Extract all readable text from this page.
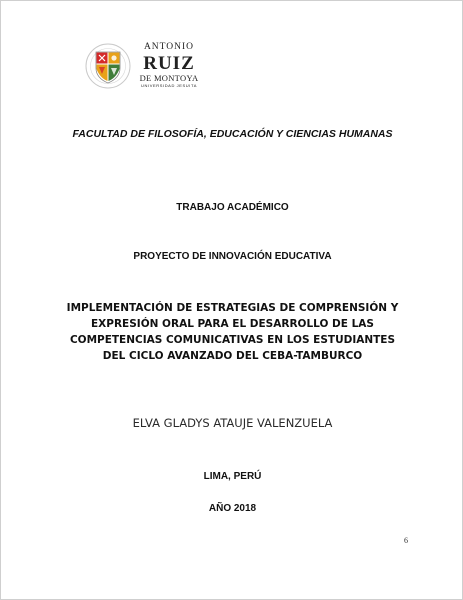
ANTONIO
RUIZ
DE MONTOYA
UNIVERSIDAD JESUITA
FACULTAD DE FILOSOFÍA, EDUCACIÓN Y CIENCIAS HUMANAS
TRABAJO ACADÉMICO
PROYECTO DE INNOVACIÓN EDUCATIVA
IMPLEMENTACIÓN DE ESTRATEGIAS DE COMPRENSIÓN Y
EXPRESIÓN ORAL PARA EL DESARROLLO DE LAS
COMPETENCIAS COMUNICATIVAS EN LOS ESTUDIANTES
DEL CICLO AVANZADO DEL CEBA-TAMBURCO
ELVA GLADYS ATAUJE VALENZUELA
LIMA, PERÚ
AÑO 2018
6
